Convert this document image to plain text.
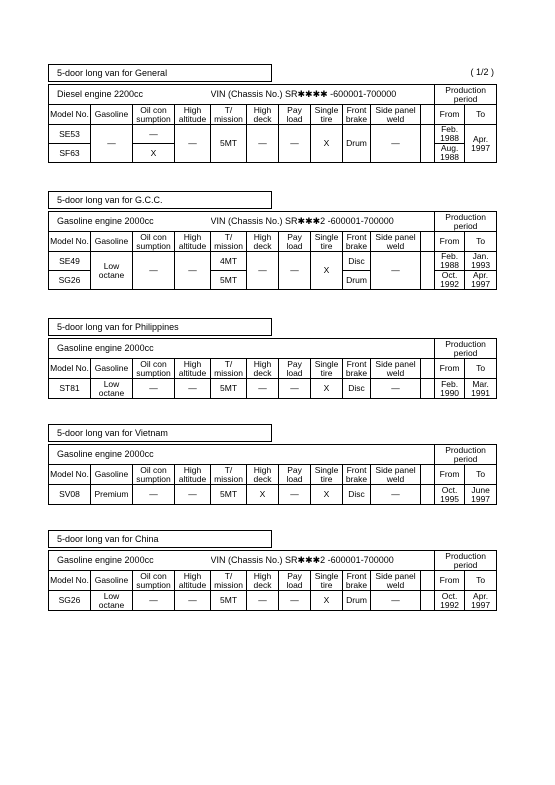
5-door long van for General	( 1/2 )
Diesel engine 2200cc				VIN (Chassis No.) SR✱✱✱✱ -600001-700000							Production period	
Model No.	Gasoline	Oil con sumption	High altitude	T/ mission	High deck	Pay load	Single tire	Front brake	Side panel weld		From	To
SE53	—	—	—	5MT	—	—	X	Drum	—		Feb. 1988	Apr. 1997
SF63		X									Aug. 1988	
5-door long van for G.C.C.
Gasoline engine 2000cc				VIN (Chassis No.) SR✱✱✱2 -600001-700000							Production period	
Model No.	Gasoline	Oil con sumption	High altitude	T/ mission	High deck	Pay load	Single tire	Front brake	Side panel weld		From	To
SE49	Low octane	—	—	4MT	—	—	X	Disc	—		Feb. 1988	Jan. 1993
SG26				5MT				Drum			Oct. 1992	Apr. 1997
5-door long van for Philippines
Gasoline engine 2000cc											Production period	
Model No.	Gasoline	Oil con sumption	High altitude	T/ mission	High deck	Pay load	Single tire	Front brake	Side panel weld		From	To
ST81	Low octane	—	—	5MT	—	—	X	Disc	—		Feb. 1990	Mar. 1991
5-door long van for Vietnam
Gasoline engine 2000cc											Production period	
Model No.	Gasoline	Oil con sumption	High altitude	T/ mission	High deck	Pay load	Single tire	Front brake	Side panel weld		From	To
SV08	Premium	—	—	5MT	X	—	X	Disc	—		Oct. 1995	June 1997
5-door long van for China
Gasoline engine 2000cc				VIN (Chassis No.) SR✱✱✱2 -600001-700000							Production period	
Model No.	Gasoline	Oil con sumption	High altitude	T/ mission	High deck	Pay load	Single tire	Front brake	Side panel weld		From	To
SG26	Low octane	—	—	5MT	—	—	X	Drum	—		Oct. 1992	Apr. 1997
